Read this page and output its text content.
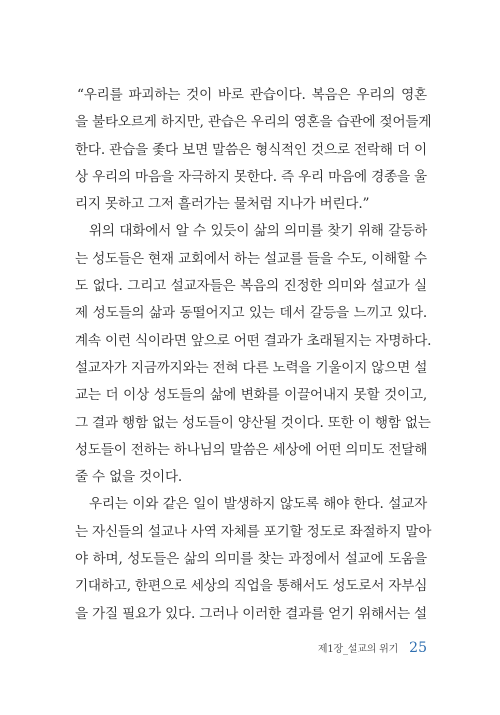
“우리를 파괴하는 것이 바로 관습이다. 복음은 우리의 영혼
을 불타오르게 하지만, 관습은 우리의 영혼을 습관에 젖어들게
한다. 관습을 좇다 보면 말씀은 형식적인 것으로 전락해 더 이
상 우리의 마음을 자극하지 못한다. 즉 우리 마음에 경종을 울
리지 못하고 그저 흘러가는 물처럼 지나가 버린다.”
위의 대화에서 알 수 있듯이 삶의 의미를 찾기 위해 갈등하
는 성도들은 현재 교회에서 하는 설교를 들을 수도, 이해할 수
도 없다. 그리고 설교자들은 복음의 진정한 의미와 설교가 실
제 성도들의 삶과 동떨어지고 있는 데서 갈등을 느끼고 있다.
계속 이런 식이라면 앞으로 어떤 결과가 초래될지는 자명하다.
설교자가 지금까지와는 전혀 다른 노력을 기울이지 않으면 설
교는 더 이상 성도들의 삶에 변화를 이끌어내지 못할 것이고,
그 결과 행함 없는 성도들이 양산될 것이다. 또한 이 행함 없는
성도들이 전하는 하나님의 말씀은 세상에 어떤 의미도 전달해
줄 수 없을 것이다.
우리는 이와 같은 일이 발생하지 않도록 해야 한다. 설교자
는 자신들의 설교나 사역 자체를 포기할 정도로 좌절하지 말아
야 하며, 성도들은 삶의 의미를 찾는 과정에서 설교에 도움을
기대하고, 한편으로 세상의 직업을 통해서도 성도로서 자부심
을 가질 필요가 있다. 그러나 이러한 결과를 얻기 위해서는 설
제1장_설교의 위기 25
